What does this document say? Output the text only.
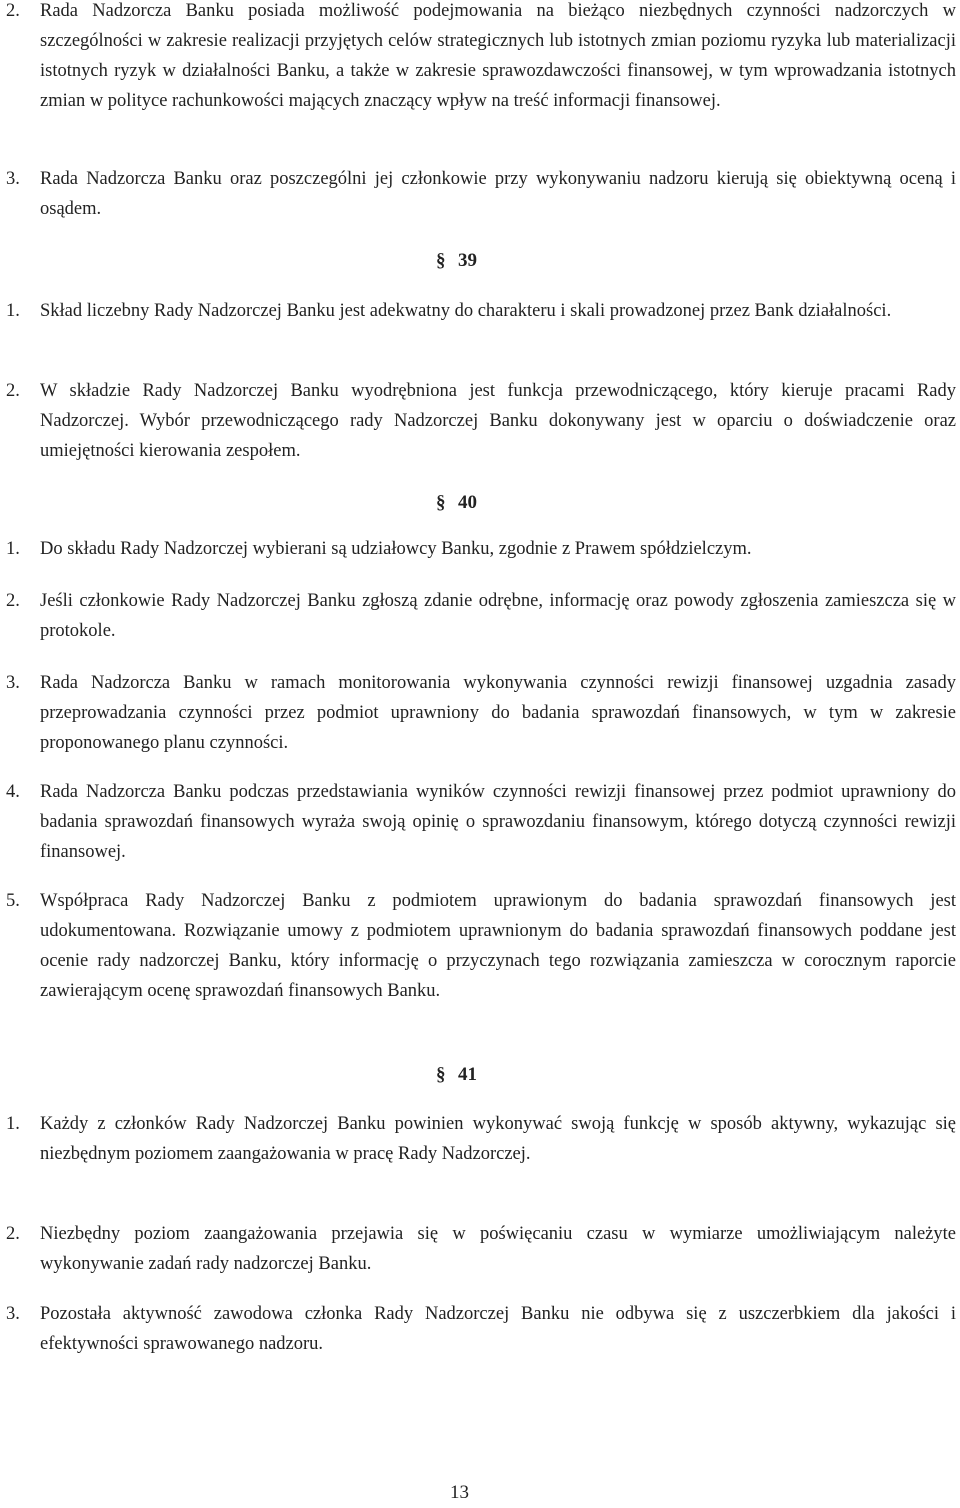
2.	Rada Nadzorcza Banku posiada możliwość podejmowania na bieżąco niezbędnych czynności nadzorczych w szczególności w zakresie realizacji przyjętych celów strategicznych lub istotnych zmian poziomu ryzyka lub materializacji istotnych ryzyk w działalności Banku, a także w zakresie sprawozdawczości finansowej, w tym wprowadzania istotnych zmian w polityce rachunkowości mających znaczący wpływ na treść informacji finansowej.
3.	Rada Nadzorcza Banku oraz poszczególni jej członkowie przy wykonywaniu nadzoru kierują się obiektywną oceną i osądem.
§ 39
1.	Skład liczebny Rady Nadzorczej Banku jest adekwatny do charakteru i skali prowadzonej przez Bank działalności.
2.	W składzie Rady Nadzorczej Banku wyodrębniona jest funkcja przewodniczącego, który kieruje pracami Rady Nadzorczej. Wybór przewodniczącego rady Nadzorczej Banku dokonywany jest w oparciu o doświadczenie oraz umiejętności kierowania zespołem.
§ 40
1.	Do składu Rady Nadzorczej wybierani są udziałowcy Banku, zgodnie z Prawem spółdzielczym.
2.	Jeśli członkowie Rady Nadzorczej Banku zgłoszą zdanie odrębne, informację oraz powody zgłoszenia zamieszcza się w protokole.
3.	Rada Nadzorcza Banku w ramach monitorowania wykonywania czynności rewizji finansowej uzgadnia zasady przeprowadzania czynności przez podmiot uprawniony do badania sprawozdań finansowych, w tym w zakresie proponowanego planu czynności.
4.	Rada Nadzorcza Banku podczas przedstawiania wyników czynności rewizji finansowej przez podmiot uprawniony do badania sprawozdań finansowych wyraża swoją opinię o sprawozdaniu finansowym, którego dotyczą czynności rewizji finansowej.
5.	Współpraca Rady Nadzorczej Banku z podmiotem uprawionym do badania sprawozdań finansowych jest udokumentowana. Rozwiązanie umowy z podmiotem uprawnionym do badania sprawozdań finansowych poddane jest ocenie rady nadzorczej Banku, który informację o przyczynach tego rozwiązania zamieszcza w corocznym raporcie zawierającym ocenę sprawozdań finansowych Banku.
§ 41
1.	Każdy z członków Rady Nadzorczej Banku powinien wykonywać swoją funkcję w sposób aktywny, wykazując się niezbędnym poziomem zaangażowania w pracę Rady Nadzorczej.
2.	Niezbędny poziom zaangażowania przejawia się w poświęcaniu czasu w wymiarze umożliwiającym należyte wykonywanie zadań rady nadzorczej Banku.
3.	Pozostała aktywność zawodowa członka Rady Nadzorczej Banku nie odbywa się z uszczerbkiem dla jakości i efektywności sprawowanego nadzoru.
13
